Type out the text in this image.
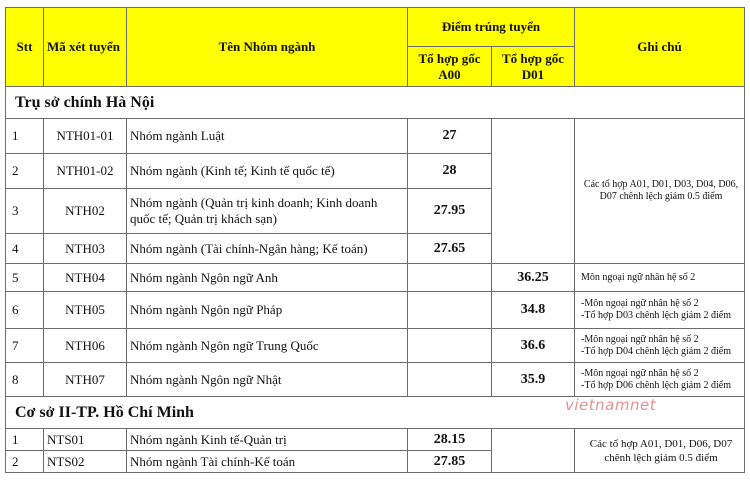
Stt	Mã xét tuyển	Tên Nhóm ngành	Điểm trúng tuyển		Ghi chú
			Tổ hợp gốc A00	Tổ hợp gốc D01	
Trụ sở chính Hà Nội					
1	NTH01-01	Nhóm ngành Luật	27		Các tổ hợp A01, D01, D03, D04, D06, D07 chênh lệch giảm 0.5 điểm
2	NTH01-02	Nhóm ngành (Kinh tế; Kinh tế quốc tế)	28		
3	NTH02	Nhóm ngành (Quản trị kinh doanh; Kinh doanh quốc tế; Quản trị khách sạn)	27.95		
4	NTH03	Nhóm ngành (Tài chính-Ngân hàng; Kế toán)	27.65		
5	NTH04	Nhóm ngành Ngôn ngữ Anh		36.25	Môn ngoại ngữ nhân hệ số 2
6	NTH05	Nhóm ngành Ngôn ngữ Pháp		34.8	-Môn ngoại ngữ nhân hệ số 2
-Tổ hợp D03 chênh lệch giảm 2 điểm

7	NTH06	Nhóm ngành Ngôn ngữ Trung Quốc		36.6	-Môn ngoại ngữ nhân hệ số 2
-Tổ hợp D04 chênh lệch giảm 2 điểm

8	NTH07	Nhóm ngành Ngôn ngữ Nhật		35.9	-Môn ngoại ngữ nhân hệ số 2
-Tổ hợp D06 chênh lệch giảm 2 điểm

Cơ sở II-TP. Hồ Chí Minh					
1	NTS01	Nhóm ngành Kinh tế-Quản trị	28.15		Các tổ hợp A01, D01, D06, D07 chênh lệch giảm 0.5 điểm
2	NTS02	Nhóm ngành Tài chính-Kế toán	27.85		
vietnamnet
